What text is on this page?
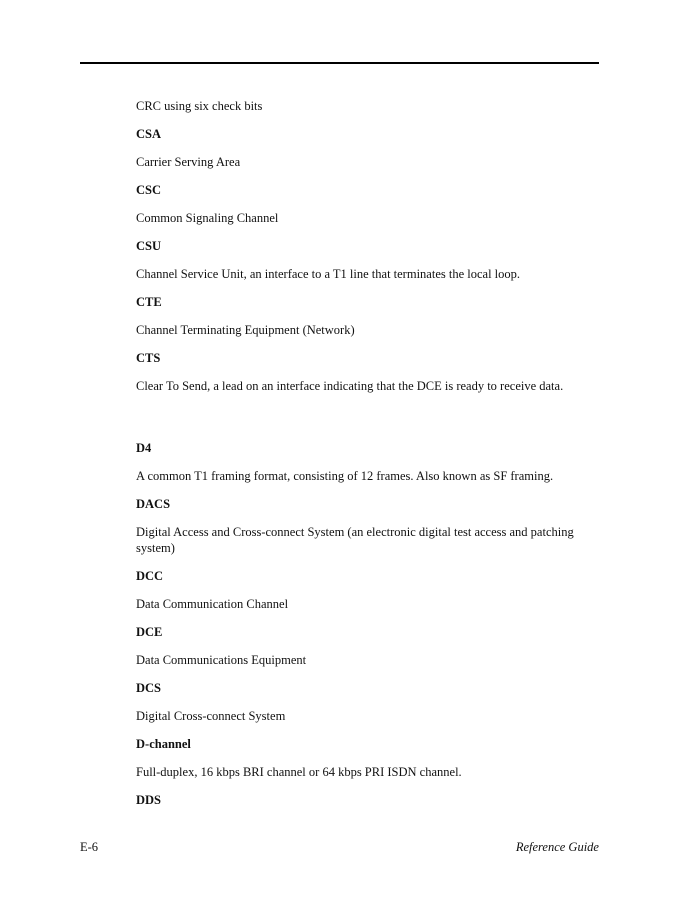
CRC using six check bits

CSA

Carrier Serving Area

CSC

Common Signaling Channel

CSU

Channel Service Unit, an interface to a T1 line that terminates the local loop.

CTE

Channel Terminating Equipment (Network)

CTS

Clear To Send, a lead on an interface indicating that the DCE is ready to receive data.

D4

A common T1 framing format, consisting of 12 frames. Also known as SF framing.

DACS

Digital Access and Cross-connect System (an electronic digital test access and patching system)

DCC

Data Communication Channel

DCE

Data Communications Equipment

DCS

Digital Cross-connect System

D-channel

Full-duplex, 16 kbps BRI channel or 64 kbps PRI ISDN channel.

DDS

E-6	Reference Guide
